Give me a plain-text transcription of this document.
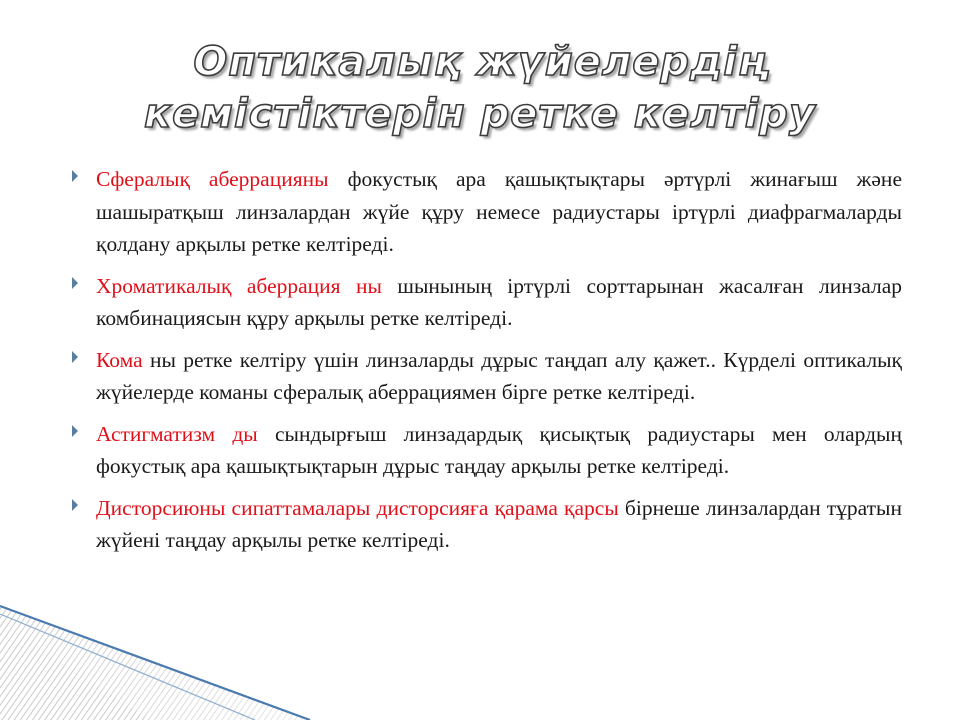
Оптикалық жүйелердің
кемістіктерін ретке келтіру
Сфералық аберрацияны фокустық ара қашықтықтары әртүрлі жинағыш және шашыратқыш линзалардан жүйе құру немесе радиустары іртүрлі диафрагмаларды қолдану арқылы ретке келтіреді.
Хроматикалық аберрация ны шынының іртүрлі сорттарынан жасалған линзалар комбинациясын құру арқылы ретке келтіреді.
Кома ны ретке келтіру үшін линзаларды дұрыс таңдап алу қажет.. Күрделі оптикалық жүйелерде команы сфералық аберрациямен бірге ретке келтіреді.
Астигматизм ды сындырғыш линзадардық қисықтық радиустары мен олардың фокустық ара қашықтықтарын дұрыс таңдау арқылы ретке келтіреді.
Дисторсиюны сипаттамалары дисторсияға қарама қарсы бірнеше линзалардан тұратын жүйені таңдау арқылы ретке келтіреді.
